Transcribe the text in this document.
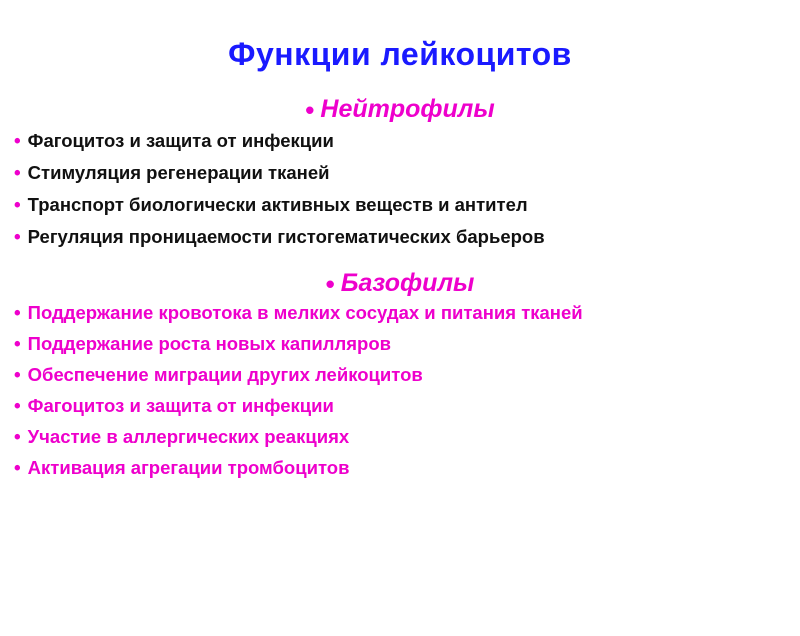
Функции лейкоцитов
• Нейтрофилы
• Фагоцитоз и защита от инфекции
• Стимуляция регенерации тканей
• Транспорт биологически активных веществ и антител
• Регуляция проницаемости гистогематических барьеров
• Базофилы
• Поддержание кровотока в мелких сосудах и питания тканей
• Поддержание роста новых капилляров
• Обеспечение миграции других лейкоцитов
• Фагоцитоз и защита от инфекции
• Участие в аллергических реакциях
• Активация агрегации тромбоцитов
